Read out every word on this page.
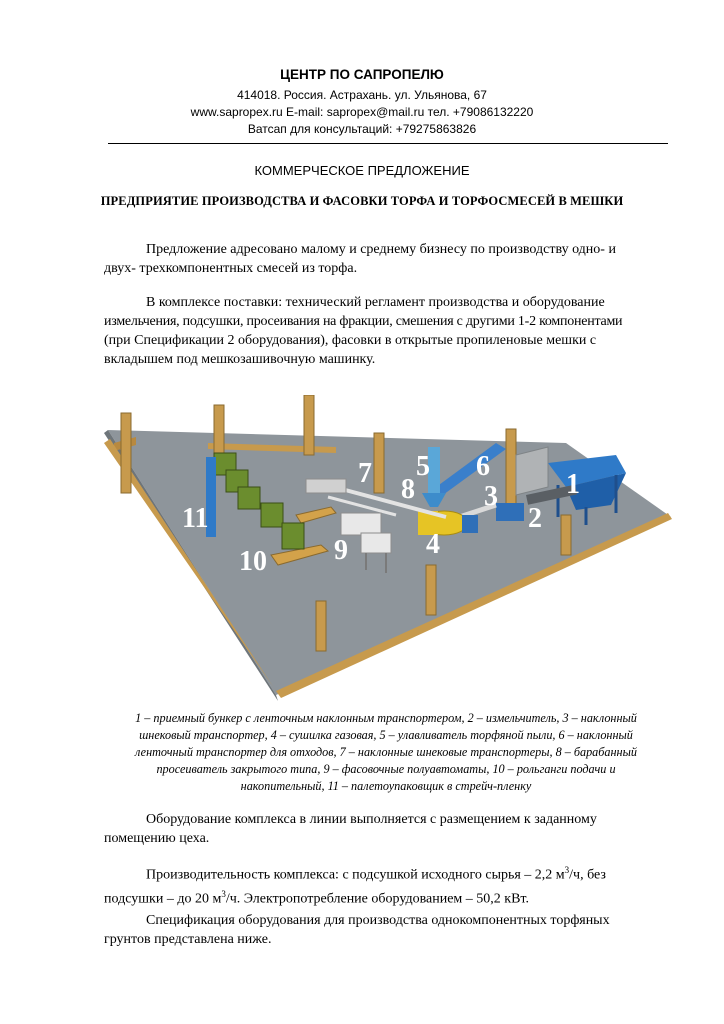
ЦЕНТР ПО САПРОПЕЛЮ
414018. Россия. Астрахань. ул. Ульянова, 67
www.sapropex.ru E-mail: sapropex@mail.ru тел. +79086132220
Ватсап для консультаций: +79275863826
КОММЕРЧЕСКОЕ ПРЕДЛОЖЕНИЕ
ПРЕДПРИЯТИЕ ПРОИЗВОДСТВА И ФАСОВКИ ТОРФА И ТОРФОСМЕСЕЙ В МЕШКИ
Предложение адресовано малому и среднему бизнесу по производству одно- и
двух- трехкомпонентных смесей из торфа.
В комплексе поставки: технический регламент производства и оборудование
измельчения, подсушки, просеивания на фракции, смешения с другими 1-2 компонентами
(при Спецификации 2 оборудования), фасовки в открытые пропиленовые мешки с
вкладышем под мешкозашивочную машинку.
1
2
3
4
5 6
7
8
9
10
11
1 – приемный бункер с ленточным наклонным транспортером, 2 – измельчитель, 3 – наклонный
шнековый транспортер, 4 – сушилка газовая, 5 – улавливатель торфяной пыли, 6 – наклонный
ленточный транспортер для отходов, 7 – наклонные шнековые транспортеры, 8 – барабанный
просеиватель закрытого типа, 9 – фасовочные полуавтоматы, 10 – рольганги подачи и
накопительный, 11 – палетоупаковщик в стрейч-пленку
Оборудование комплекса в линии выполняется с размещением к заданному
помещению цеха.
Производительность комплекса: с подсушкой исходного сырья – 2,2 $м^3/ч$, без
подсушки – до 20 $м^3/ч$. Электропотребление оборудованием – 50,2 кВт.
Спецификация оборудования для производства однокомпонентных торфяных
грунтов представлена ниже.
